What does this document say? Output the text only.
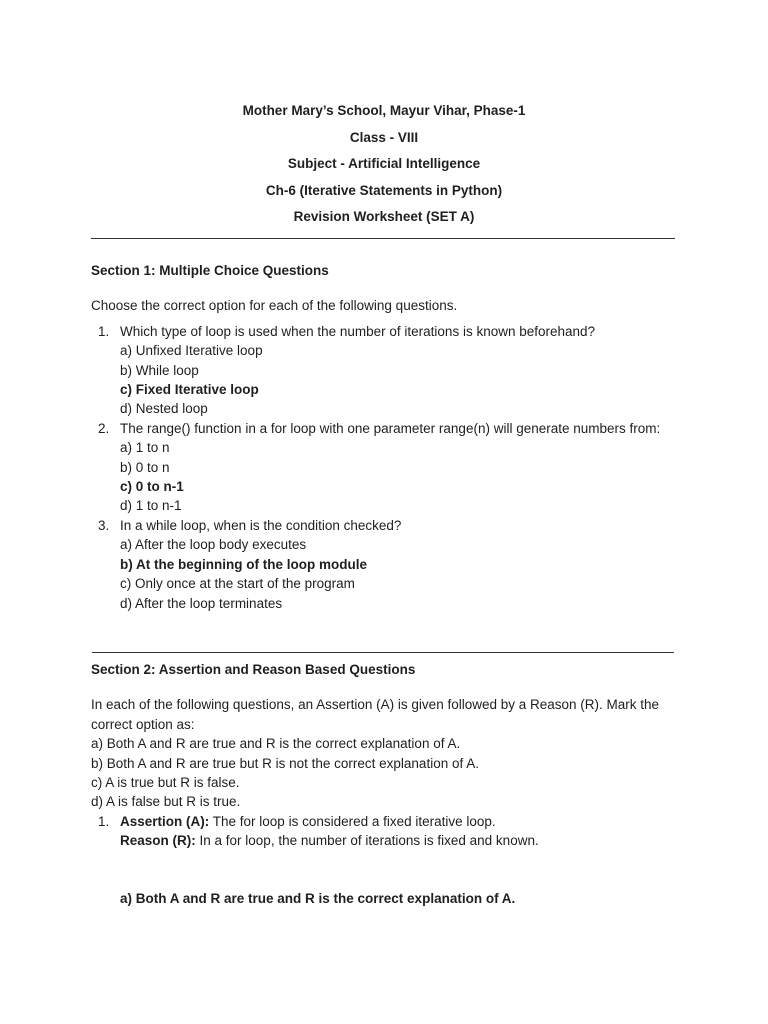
Mother Mary’s School, Mayur Vihar, Phase-1
Class - VIII
Subject - Artificial Intelligence
Ch-6 (Iterative Statements in Python)
Revision Worksheet (SET A)
Section 1: Multiple Choice Questions

Choose the correct option for each of the following questions.

1. Which type of loop is used when the number of iterations is known beforehand?
a) Unfixed Iterative loop
b) While loop
c) Fixed Iterative loop
d) Nested loop
2. The range() function in a for loop with one parameter range(n) will generate numbers from:
a) 1 to n
b) 0 to n
c) 0 to n-1
d) 1 to n-1
3. In a while loop, when is the condition checked?
a) After the loop body executes
b) At the beginning of the loop module
c) Only once at the start of the program
d) After the loop terminates
Section 2: Assertion and Reason Based Questions

In each of the following questions, an Assertion (A) is given followed by a Reason (R). Mark the correct option as:

a) Both A and R are true and R is the correct explanation of A.
b) Both A and R are true but R is not the correct explanation of A.
c) A is true but R is false.
d) A is false but R is true.
1. Assertion (A): The for loop is considered a fixed iterative loop.
Reason (R): In a for loop, the number of iterations is fixed and known.
a) Both A and R are true and R is the correct explanation of A.
